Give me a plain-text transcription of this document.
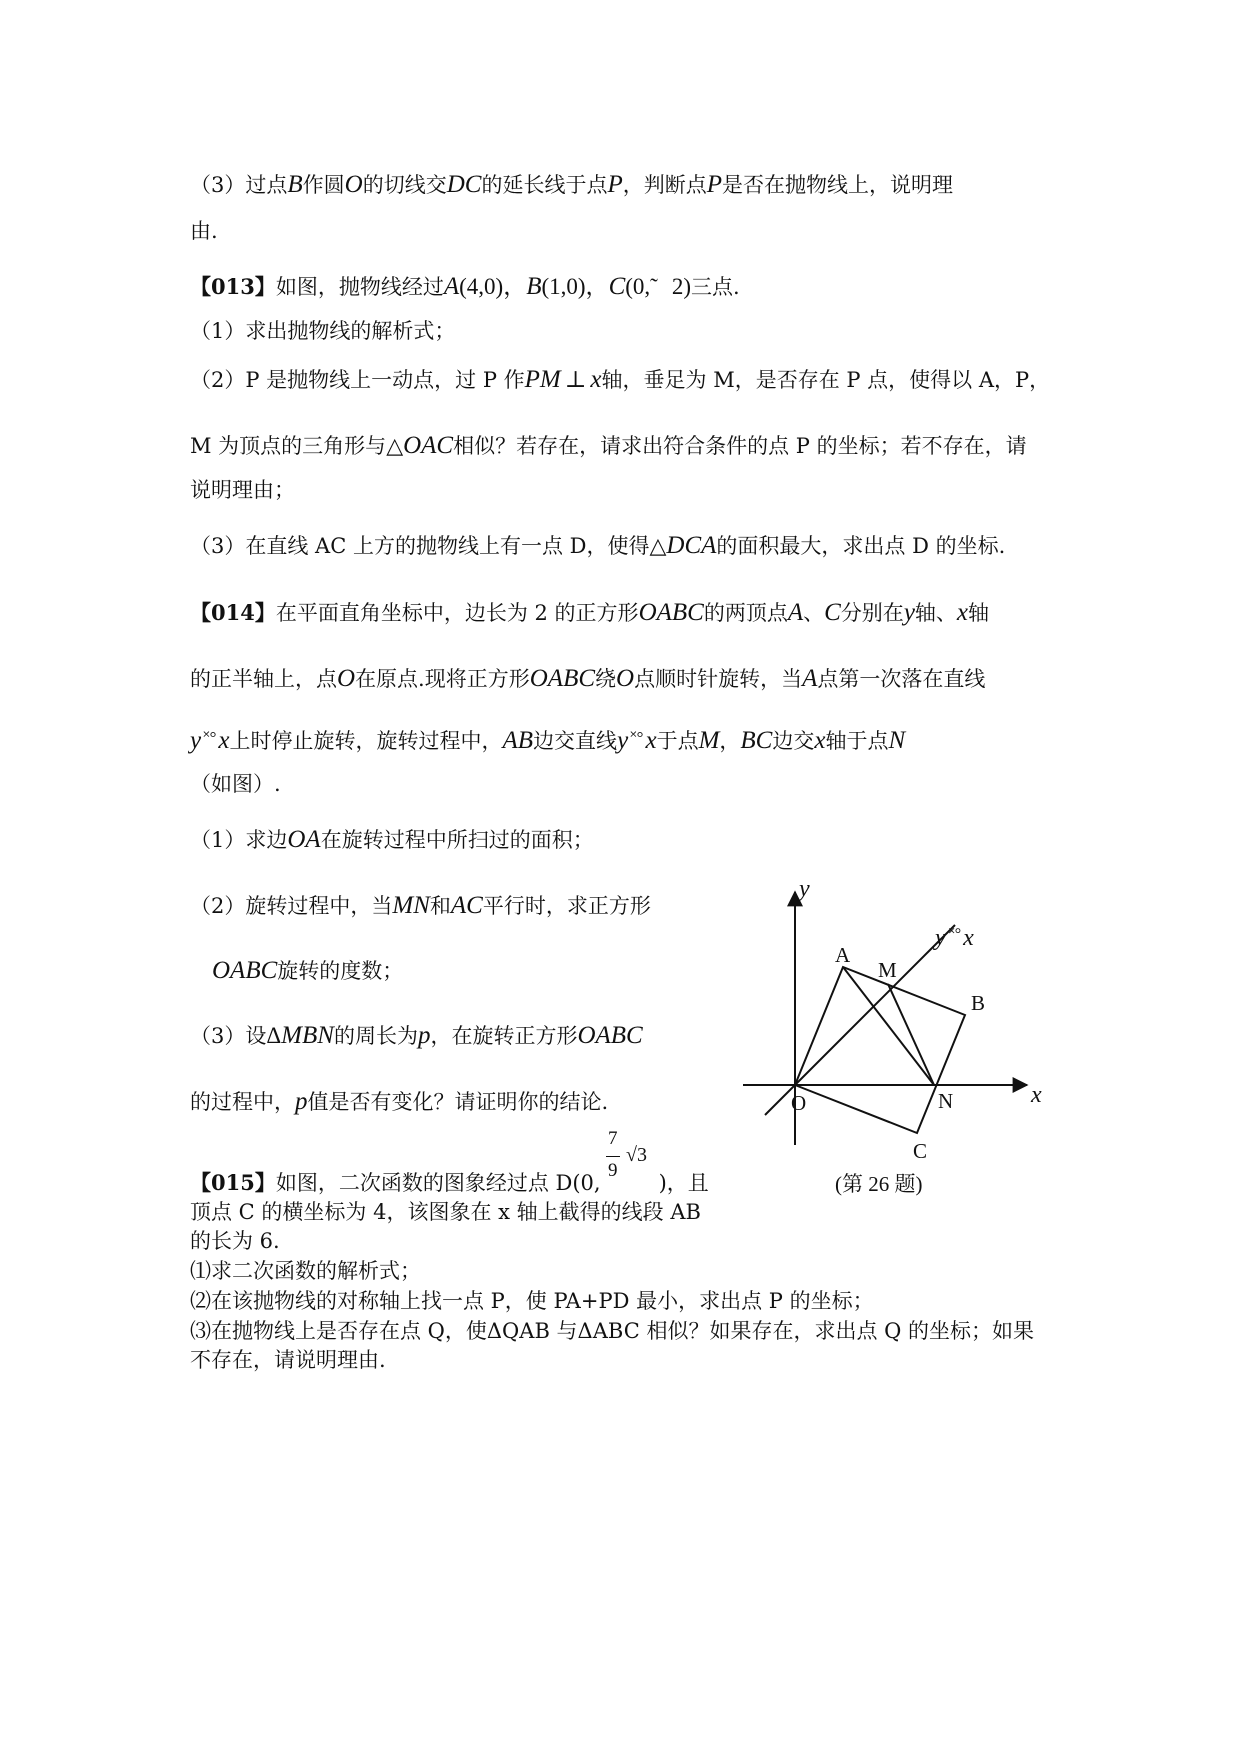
（3）过点B作圆O的切线交DC的延长线于点P，判断点P是否在抛物线上，说明理
由.
【013】如图，抛物线经过A(4,0)，B(1,0)，C(0,˜ 2)三点.
（1）求出抛物线的解析式；
（2）P 是抛物线上一动点，过 P 作PM ⊥ x轴，垂足为 M，是否存在 P 点，使得以 A，P，
M 为顶点的三角形与△OAC相似？若存在，请求出符合条件的点 P 的坐标；若不存在，请
说明理由；
（3）在直线 AC 上方的抛物线上有一点 D，使得△DCA的面积最大，求出点 D 的坐标.
【014】在平面直角坐标中，边长为 2 的正方形OABC的两顶点A、C分别在y轴、x轴
的正半轴上，点O在原点.现将正方形OABC绕O点顺时针旋转，当A点第一次落在直线
y ˟°x上时停止旋转，旋转过程中，AB边交直线y ˟°x于点M，BC边交x轴于点N
（如图）.
（1）求边OA在旋转过程中所扫过的面积；
（2）旋转过程中，当MN和AC平行时，求正方形
OABC旋转的度数；
（3）设ΔMBN的周长为p，在旋转正方形OABC
的过程中，p值是否有变化？请证明你的结论.
y
x
y ˟°x
A
M
B
O	N
C
(第 26 题)
【015】如图，二次函数的图象经过点 D(0,	)，且
7
9
√3
顶点 C 的横坐标为 4，该图象在 x 轴上截得的线段 AB
的长为 6.
⑴求二次函数的解析式；
⑵在该抛物线的对称轴上找一点 P，使 PA+PD 最小，求出点 P 的坐标；
⑶在抛物线上是否存在点 Q，使ΔQAB 与ΔABC 相似？如果存在，求出点 Q 的坐标；如果
不存在，请说明理由.
